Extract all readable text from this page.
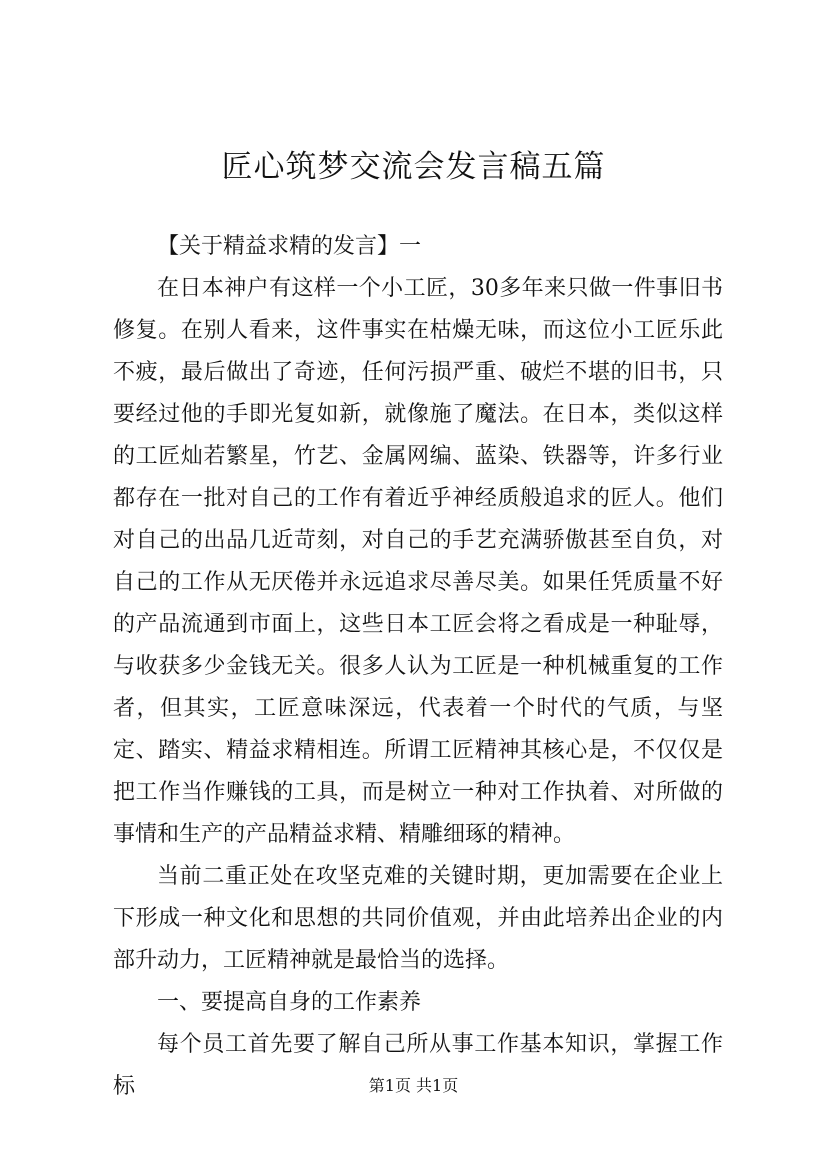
匠心筑梦交流会发言稿五篇

【关于精益求精的发言】一

在日本神户有这样一个小工匠，30多年来只做一件事旧书修复。在别人看来，这件事实在枯燥无味，而这位小工匠乐此不疲，最后做出了奇迹，任何污损严重、破烂不堪的旧书，只要经过他的手即光复如新，就像施了魔法。在日本，类似这样的工匠灿若繁星，竹艺、金属网编、蓝染、铁器等，许多行业都存在一批对自己的工作有着近乎神经质般追求的匠人。他们对自己的出品几近苛刻，对自己的手艺充满骄傲甚至自负，对自己的工作从无厌倦并永远追求尽善尽美。如果任凭质量不好的产品流通到市面上，这些日本工匠会将之看成是一种耻辱，与收获多少金钱无关。很多人认为工匠是一种机械重复的工作者，但其实，工匠意味深远，代表着一个时代的气质，与坚定、踏实、精益求精相连。所谓工匠精神其核心是，不仅仅是把工作当作赚钱的工具，而是树立一种对工作执着、对所做的事情和生产的产品精益求精、精雕细琢的精神。

当前二重正处在攻坚克难的关键时期，更加需要在企业上下形成一种文化和思想的共同价值观，并由此培养出企业的内部升动力，工匠精神就是最恰当的选择。

一、要提高自身的工作素养

每个员工首先要了解自己所从事工作基本知识，掌握工作标	第1页 共1页
